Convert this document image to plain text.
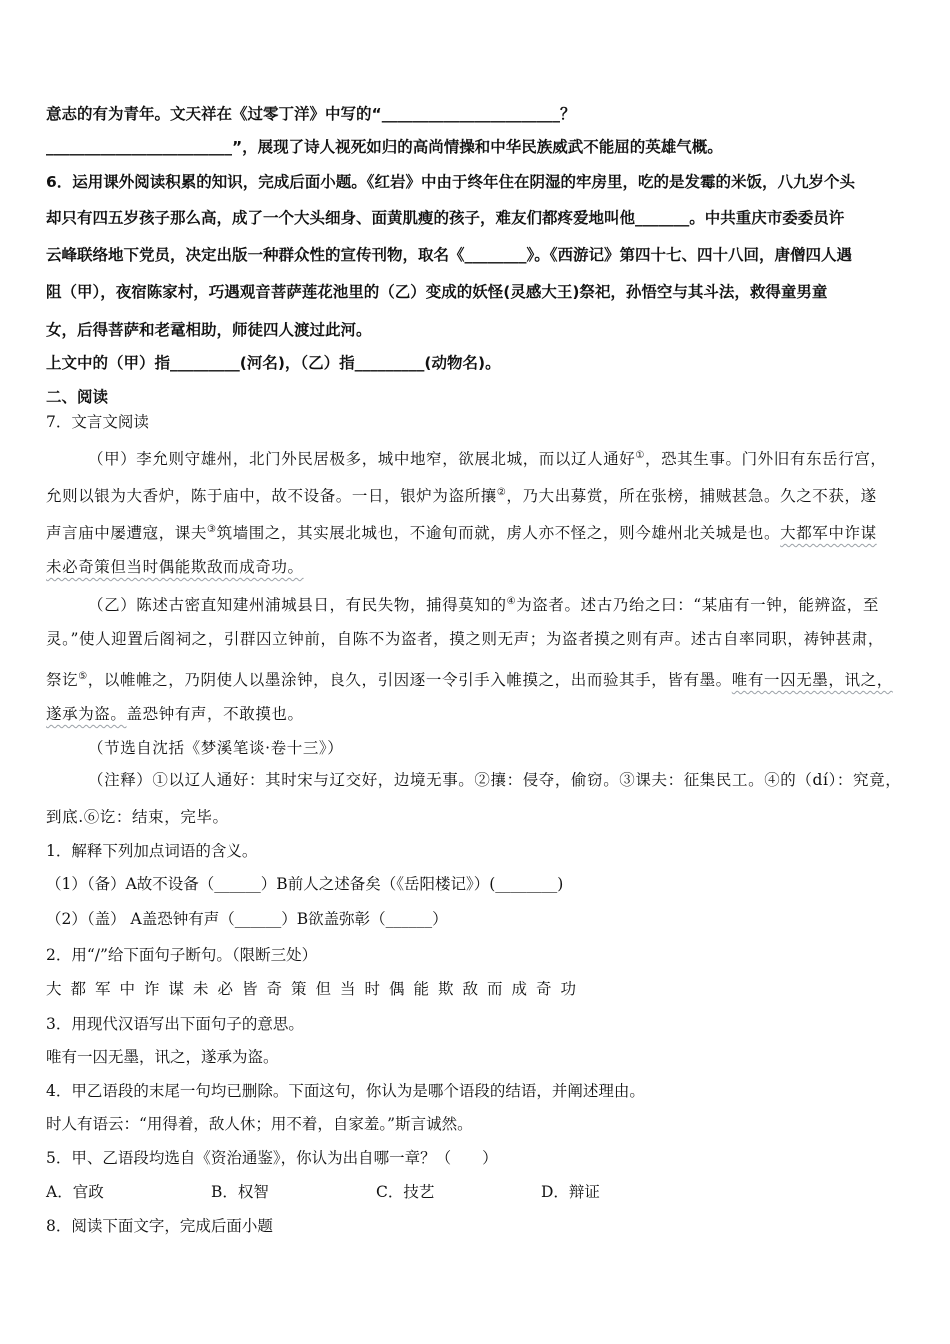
意志的有为青年。文天祥在《过零丁洋》中写的“_______________________？
________________________”，展现了诗人视死如归的高尚情操和中华民族威武不能屈的英雄气概。
6．运用课外阅读积累的知识，完成后面小题。《红岩》中由于终年住在阴湿的牢房里，吃的是发霉的米饭，八九岁个头
却只有四五岁孩子那么高，成了一个大头细身、面黄肌瘦的孩子，难友们都疼爱地叫他_______。中共重庆市委委员许
云峰联络地下党员，决定出版一种群众性的宣传刊物，取名《________》。《西游记》第四十七、四十八回，唐僧四人遇
阻（甲），夜宿陈家村，巧遇观音菩萨莲花池里的（乙）变成的妖怪(灵感大王)祭祀，孙悟空与其斗法，救得童男童
女，后得菩萨和老鼋相助，师徒四人渡过此河。
上文中的（甲）指_________(河名)，（乙）指_________(动物名)。
二、阅读
7．文言文阅读
（甲）李允则守雄州，北门外民居极多，城中地窄，欲展北城，而以辽人通好①，恐其生事。门外旧有东岳行宫，
允则以银为大香炉，陈于庙中，故不设备。一日，银炉为盗所攘②，乃大出募赏，所在张榜，捕贼甚急。久之不获，遂
声言庙中屡遭寇，课夫③筑墙围之，其实展北城也，不逾旬而就，虏人亦不怪之，则今雄州北关城是也。大都军中诈谋
未必奇策但当时偶能欺敌而成奇功。
（乙）陈述古密直知建州浦城县日，有民失物，捕得莫知的④为盗者。述古乃绐之曰：“某庙有一钟，能辨盗，至
灵。”使人迎置后阁祠之，引群囚立钟前，自陈不为盗者，摸之则无声；为盗者摸之则有声。述古自率同职，祷钟甚肃，
祭讫⑤，以帷帷之，乃阴使人以墨涂钟，良久，引因逐一令引手入帷摸之，出而验其手，皆有墨。唯有一囚无墨，讯之，
遂承为盗。盖恐钟有声，不敢摸也。
（节选自沈括《梦溪笔谈·卷十三》）
（注释）①以辽人通好：其时宋与辽交好，边境无事。②攘：侵夺，偷窃。③课夫：征集民工。④的（dí）：究竟，
到底.⑥讫：结束，完毕。
1．解释下列加点词语的含义。
（1）（备）A故不设备（______）B前人之述备矣（《岳阳楼记》）(________)
（2）（盖） A盖恐钟有声（______）B欲盖弥彰（______）
2．用“/”给下面句子断句。（限断三处）
大都军中诈谋未必皆奇策但当时偶能欺敌而成奇功
3．用现代汉语写出下面句子的意思。
唯有一囚无墨，讯之，遂承为盗。
4．甲乙语段的末尾一句均已删除。下面这句，你认为是哪个语段的结语，并阐述理由。
时人有语云：“用得着，敌人休；用不着，自家羞。”斯言诚然。
5．甲、乙语段均选自《资治通鉴》，你认为出自哪一章？（　　）
A．官政	B．权智	C．技艺	D．辩证
8．阅读下面文字，完成后面小题
